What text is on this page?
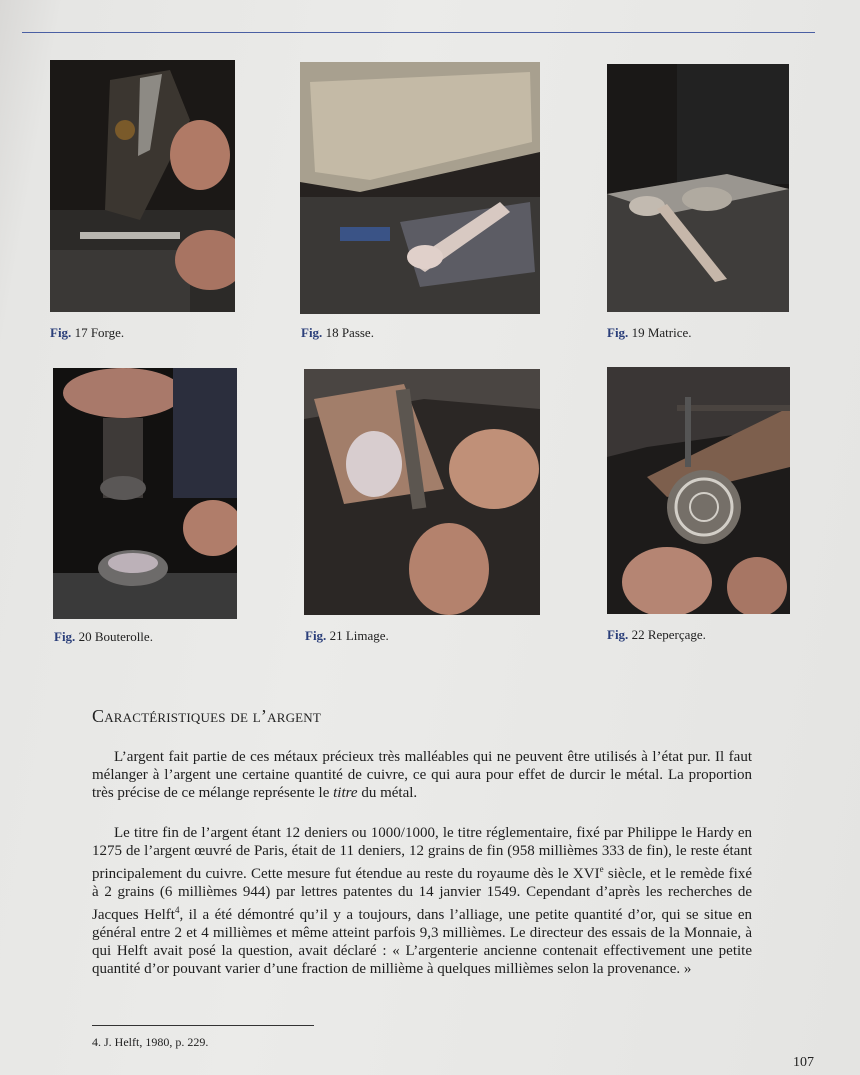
Fig. 17 Forge.	Fig. 18 Passe.	Fig. 19 Matrice.
Fig. 20 Bouterolle.	Fig. 21 Limage.	Fig. 22 Reperçage.
Caractéristiques de l’argent

L’argent fait partie de ces métaux précieux très malléables qui ne peuvent être utilisés à l’état pur. Il faut mélanger à l’argent une certaine quantité de cuivre, ce qui aura pour effet de durcir le métal. La proportion très précise de ce mélange représente le titre du métal.

Le titre fin de l’argent étant 12 deniers ou 1000/1000, le titre réglementaire, fixé par Philippe le Hardy en 1275 de l’argent œuvré de Paris, était de 11 deniers, 12 grains de fin (958 millièmes 333 de fin), le reste étant principalement du cuivre. Cette mesure fut étendue au reste du royaume dès le XVIe siècle, et le remède fixé à 2 grains (6 millièmes 944) par lettres patentes du 14 janvier 1549. Cependant d’après les recherches de Jacques Helft$^4$, il a été démontré qu’il y a toujours, dans l’alliage, une petite quantité d’or, qui se situe en général entre 2 et 4 millièmes et même atteint parfois 9,3 millièmes. Le directeur des essais de la Monnaie, à qui Helft avait posé la question, avait déclaré : « L’argenterie ancienne contenait effectivement une petite quantité d’or pouvant varier d’une fraction de millième à quelques millièmes selon la provenance. »

4. J. Helft, 1980, p. 229.
107
